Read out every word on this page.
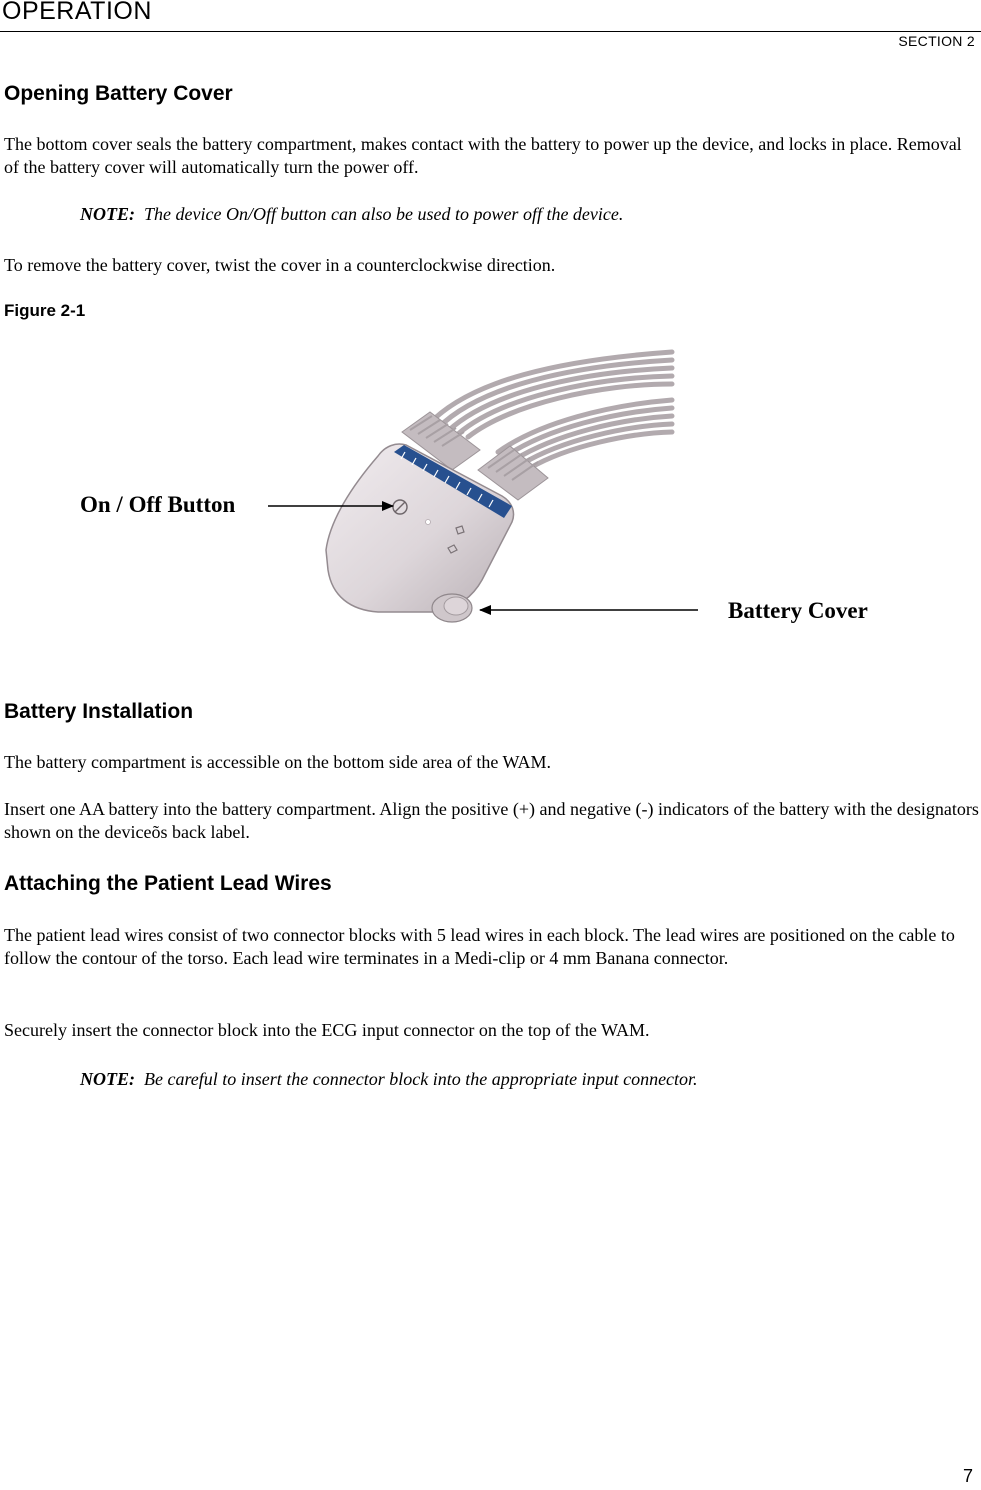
OPERATION
SECTION 2
Opening Battery Cover

The bottom cover seals the battery compartment, makes contact with the battery to power up the device, and locks in place. Removal of the battery cover will automatically turn the power off.

NOTE: The device On/Off button can also be used to power off the device.

To remove the battery cover, twist the cover in a counterclockwise direction.

Figure 2-1
On / Off Button
Battery Cover
Battery Installation

The battery compartment is accessible on the bottom side area of the WAM.

Insert one AA battery into the battery compartment. Align the positive (+) and negative (-) indicators of the battery with the designators shown on the deviceõs back label.

Attaching the Patient Lead Wires

The patient lead wires consist of two connector blocks with 5 lead wires in each block. The lead wires are positioned on the cable to follow the contour of the torso. Each lead wire terminates in a Medi-clip or 4 mm Banana connector.

Securely insert the connector block into the ECG input connector on the top of the WAM.

NOTE: Be careful to insert the connector block into the appropriate input connector.

7
